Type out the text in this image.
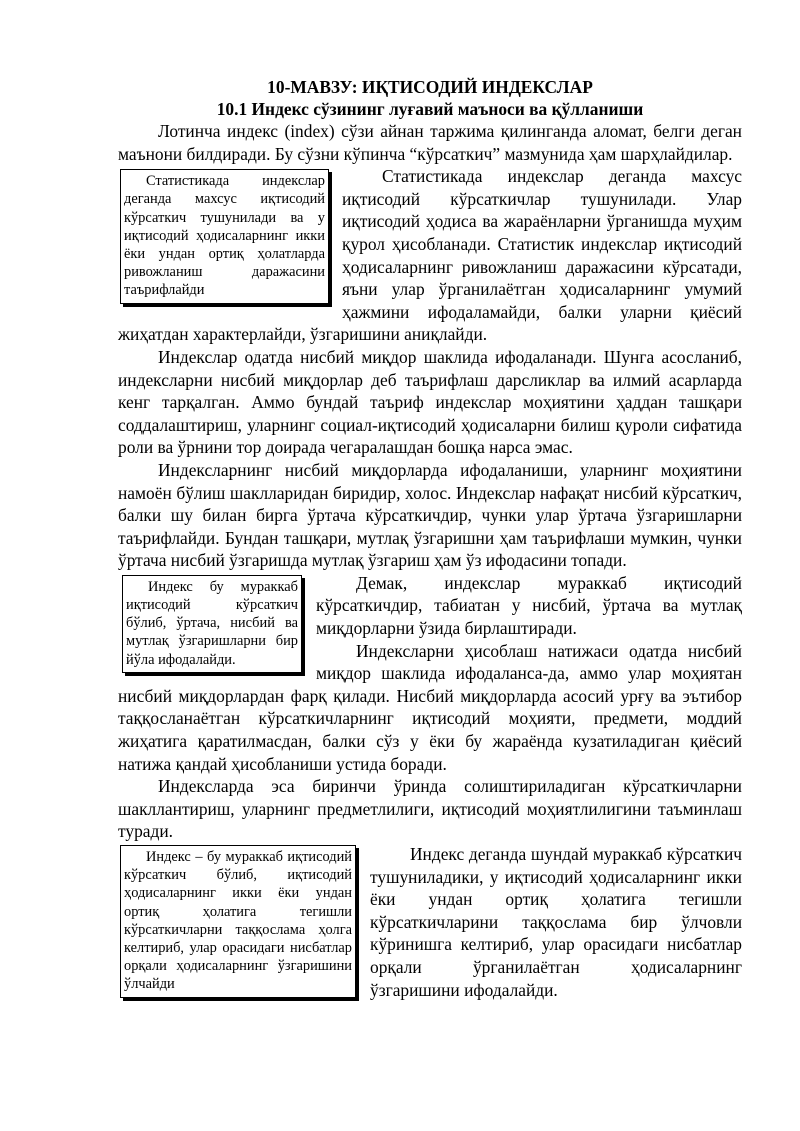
10-МАВЗУ: ИҚТИСОДИЙ ИНДЕКСЛАР
10.1 Индекс сўзининг луғавий маъноси ва қўлланиши

Лотинча индекс (index) сўзи айнан таржима қилинганда аломат, белги деган маънони билдиради. Бу сўзни кўпинча “кўрсаткич” мазмунида ҳам шарҳлайдилар.

Статистикада индекслар деганда махсус иқтисодий кўрсаткич тушунилади ва у иқтисодий ҳодисаларнинг икки ёки ундан ортиқ ҳолатларда ривожланиш даражасини таърифлайди

Статистикада индекслар деганда махсус иқтисодий кўрсаткичлар тушунилади. Улар иқтисодий ҳодиса ва жараёнларни ўрганишда муҳим қурол ҳисобланади. Статистик индекслар иқтисодий ҳодисаларнинг ривожланиш даражасини кўрсатади, яъни улар ўрганилаётган ҳодисаларнинг умумий ҳажмини ифодаламайди, балки уларни қиёсий жиҳатдан характерлайди, ўзгаришини аниқлайди.

Индекслар одатда нисбий миқдор шаклида ифодаланади. Шунга асосланиб, индексларни нисбий миқдорлар деб таърифлаш дарсликлар ва илмий асарларда кенг тарқалган. Аммо бундай таъриф индекслар моҳиятини ҳаддан ташқари соддалаштириш, уларнинг социал-иқтисодий ҳодисаларни билиш қуроли сифатида роли ва ўрнини тор доирада чегаралашдан бошқа нарса эмас.

Индексларнинг нисбий миқдорларда ифодаланиши, уларнинг моҳиятини намоён бўлиш шаклларидан биридир, холос. Индекслар нафақат нисбий кўрсаткич, балки шу билан бирга ўртача кўрсаткичдир, чунки улар ўртача ўзгаришларни таърифлайди. Бундан ташқари, мутлақ ўзгаришни ҳам таърифлаши мумкин, чунки ўртача нисбий ўзгаришда мутлақ ўзгариш ҳам ўз ифодасини топади.

Индекс бу мураккаб иқтисодий кўрсаткич бўлиб, ўртача, нисбий ва мутлақ ўзгаришларни бир йўла ифодалайди.

Демак, индекслар мураккаб иқтисодий кўрсаткичдир, табиатан у нисбий, ўртача ва мутлақ миқдорларни ўзида бирлаштиради.

Индексларни ҳисоблаш натижаси одатда нисбий миқдор шаклида ифодаланса-да, аммо улар моҳиятан нисбий миқдорлардан фарқ қилади. Нисбий миқдорларда асосий урғу ва эътибор таққосланаётган кўрсаткичларнинг иқтисодий моҳияти, предмети, моддий жиҳатига қаратилмасдан, балки сўз у ёки бу жараёнда кузатиладиган қиёсий натижа қандай ҳисобланиши устида боради.

Индексларда эса биринчи ўринда солиштириладиган кўрсаткичларни шакллантириш, уларнинг предметлилиги, иқтисодий моҳиятлилигини таъминлаш туради.

Индекс – бу мураккаб иқтисодий кўрсаткич бўлиб, иқтисодий ҳодисаларнинг икки ёки ундан ортиқ ҳолатига тегишли кўрсаткичларни таққослама ҳолга келтириб, улар орасидаги нисбатлар орқали ҳодисаларнинг ўзгаришини ўлчайди

Индекс деганда шундай мураккаб кўрсаткич тушуниладики, у иқтисодий ҳодисаларнинг икки ёки ундан ортиқ ҳолатига тегишли кўрсаткичларини таққослама бир ўлчовли кўринишга келтириб, улар орасидаги нисбатлар орқали ўрганилаётган ҳодисаларнинг ўзгаришини ифодалайди.
